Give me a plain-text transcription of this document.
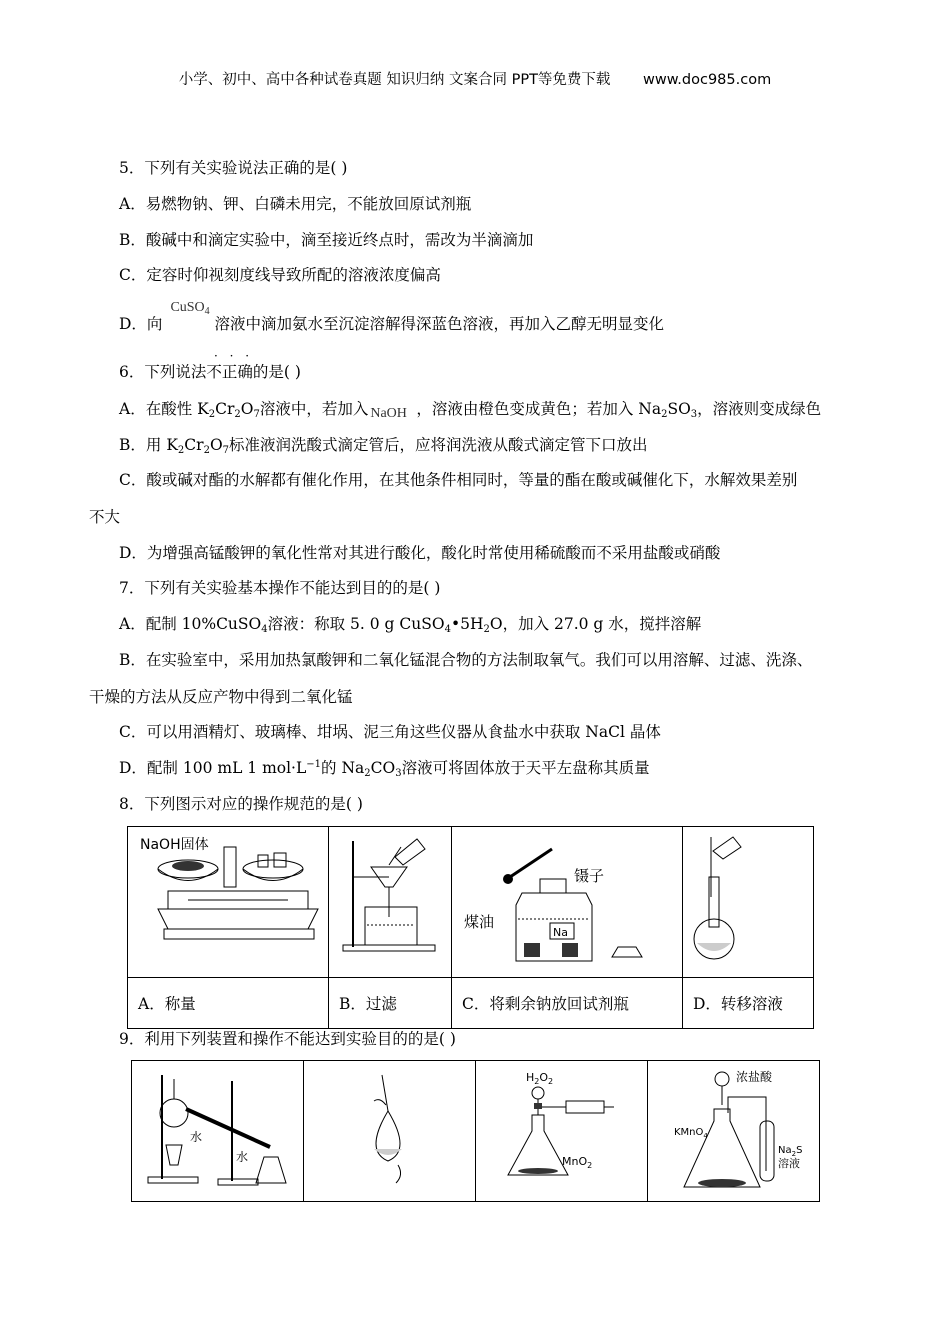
小学、初中、高中各种试卷真题 知识归纳 文案合同 PPT等免费下载 www.doc985.com
5．下列有关实验说法正确的是( )
A．易燃物钠、钾、白磷未用完，不能放回原试剂瓶
B．酸碱中和滴定实验中，滴至接近终点时，需改为半滴滴加
C．定容时仰视刻度线导致所配的溶液浓度偏高
D．向
CuSO$_4$
溶液中滴加氨水至沉淀溶解得深蓝色溶液，再加入乙醇无明显变化
· · ·
6．下列说法不正确的是( )
A．在酸性 $K_2Cr_2O_7$溶液中，若加入 NaOH ，溶液由橙色变成黄色；若加入 $Na_2SO_3$，溶液则变成绿色
B．用 $K_2Cr_2O_7$标准液润洗酸式滴定管后，应将润洗液从酸式滴定管下口放出
C．酸或碱对酯的水解都有催化作用，在其他条件相同时，等量的酯在酸或碱催化下，水解效果差别
不大
D．为增强高锰酸钾的氧化性常对其进行酸化，酸化时常使用稀硫酸而不采用盐酸或硝酸
7．下列有关实验基本操作不能达到目的的是( )
A．配制 10%CuSO$_4$溶液：称取 5. 0 g $CuSO_4•5H_2O$，加入 27.0 g 水，搅拌溶解
B．在实验室中，采用加热氯酸钾和二氧化锰混合物的方法制取氧气。我们可以用溶解、过滤、洗涤、
干燥的方法从反应产物中得到二氧化锰
C．可以用酒精灯、玻璃棒、坩埚、泥三角这些仪器从食盐水中获取 NaCl 晶体
D．配制 100 mL 1 $mol\cdot L^{-1}$的 $Na_2CO_3$溶液可将固体放于天平左盘称其质量
8．下列图示对应的操作规范的是( )
NaOH固体		镊子
煤油
Na

A．称量	B．过滤	C．将剩余钠放回试剂瓶	D．转移溶液
9．利用下列装置和操作不能达到实验目的的是( )
水
水

$H_2O_2$
MnO$_2$

浓盐酸
KMnO$_4$
$Na_2S$
溶液
